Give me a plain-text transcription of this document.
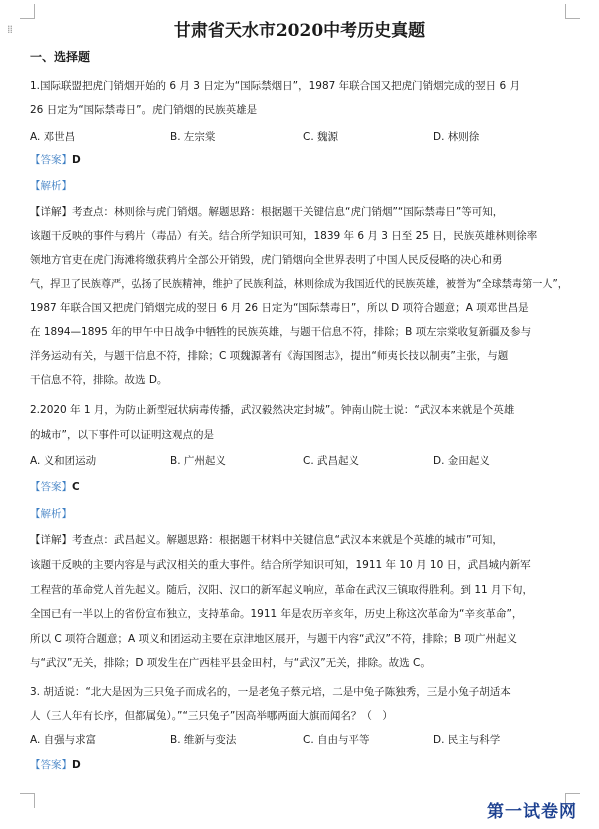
⁞⁞	甘肃省天水市2020中考历史真题
一、选择题
1.国际联盟把虎门销烟开始的 6 月 3 日定为“国际禁烟日”，1987 年联合国又把虎门销烟完成的翌日 6 月
26 日定为“国际禁毒日”。虎门销烟的民族英雄是
A. 邓世昌	B. 左宗棠	C. 魏源	D. 林则徐
【答案】D
【解析】
【详解】考查点：林则徐与虎门销烟。解题思路：根据题干关键信息“虎门销烟”“国际禁毒日”等可知，
该题干反映的事件与鸦片（毒品）有关。结合所学知识可知，1839 年 6 月 3 日至 25 日，民族英雄林则徐率
领地方官吏在虎门海滩将缴获鸦片全部公开销毁，虎门销烟向全世界表明了中国人民反侵略的决心和勇
气，捍卫了民族尊严，弘扬了民族精神，维护了民族利益，林则徐成为我国近代的民族英雄，被誉为“全球禁毒第一人”，
1987 年联合国又把虎门销烟完成的翌日 6 月 26 日定为“国际禁毒日”，所以 D 项符合题意；A 项邓世昌是
在 1894—1895 年的甲午中日战争中牺牲的民族英雄，与题干信息不符，排除；B 项左宗棠收复新疆及参与
洋务运动有关，与题干信息不符，排除；C 项魏源著有《海国图志》，提出“师夷长技以制夷”主张，与题
干信息不符，排除。故选 D。
2.2020 年 1 月，为防止新型冠状病毒传播，武汉毅然决定封城”。钟南山院士说：“武汉本来就是个英雄
的城市”，以下事件可以证明这观点的是
A. 义和团运动	B. 广州起义	C. 武昌起义	D. 金田起义
【答案】C
【解析】
【详解】考查点：武昌起义。解题思路：根据题干材料中关键信息“武汉本来就是个英雄的城市”可知，
该题干反映的主要内容是与武汉相关的重大事件。结合所学知识可知，1911 年 10 月 10 日，武昌城内新军
工程营的革命党人首先起义。随后，汉阳、汉口的新军起义响应，革命在武汉三镇取得胜利。到 11 月下旬，
全国已有一半以上的省份宣布独立，支持革命。1911 年是农历辛亥年，历史上称这次革命为“辛亥革命”，
所以 C 项符合题意；A 项义和团运动主要在京津地区展开，与题干内容“武汉”不符，排除；B 项广州起义
与“武汉”无关，排除；D 项发生在广西桂平县金田村，与“武汉”无关，排除。故选 C。
3. 胡适说：“北大是因为三只兔子而成名的，一是老兔子蔡元培，二是中兔子陈独秀，三是小兔子胡适本
人（三人年有长序，但都属兔）。”“三只兔子”因高举哪两面大旗而闻名？（　）
A. 自强与求富	B. 维新与变法	C. 自由与平等	D. 民主与科学
【答案】D
第一试卷网
